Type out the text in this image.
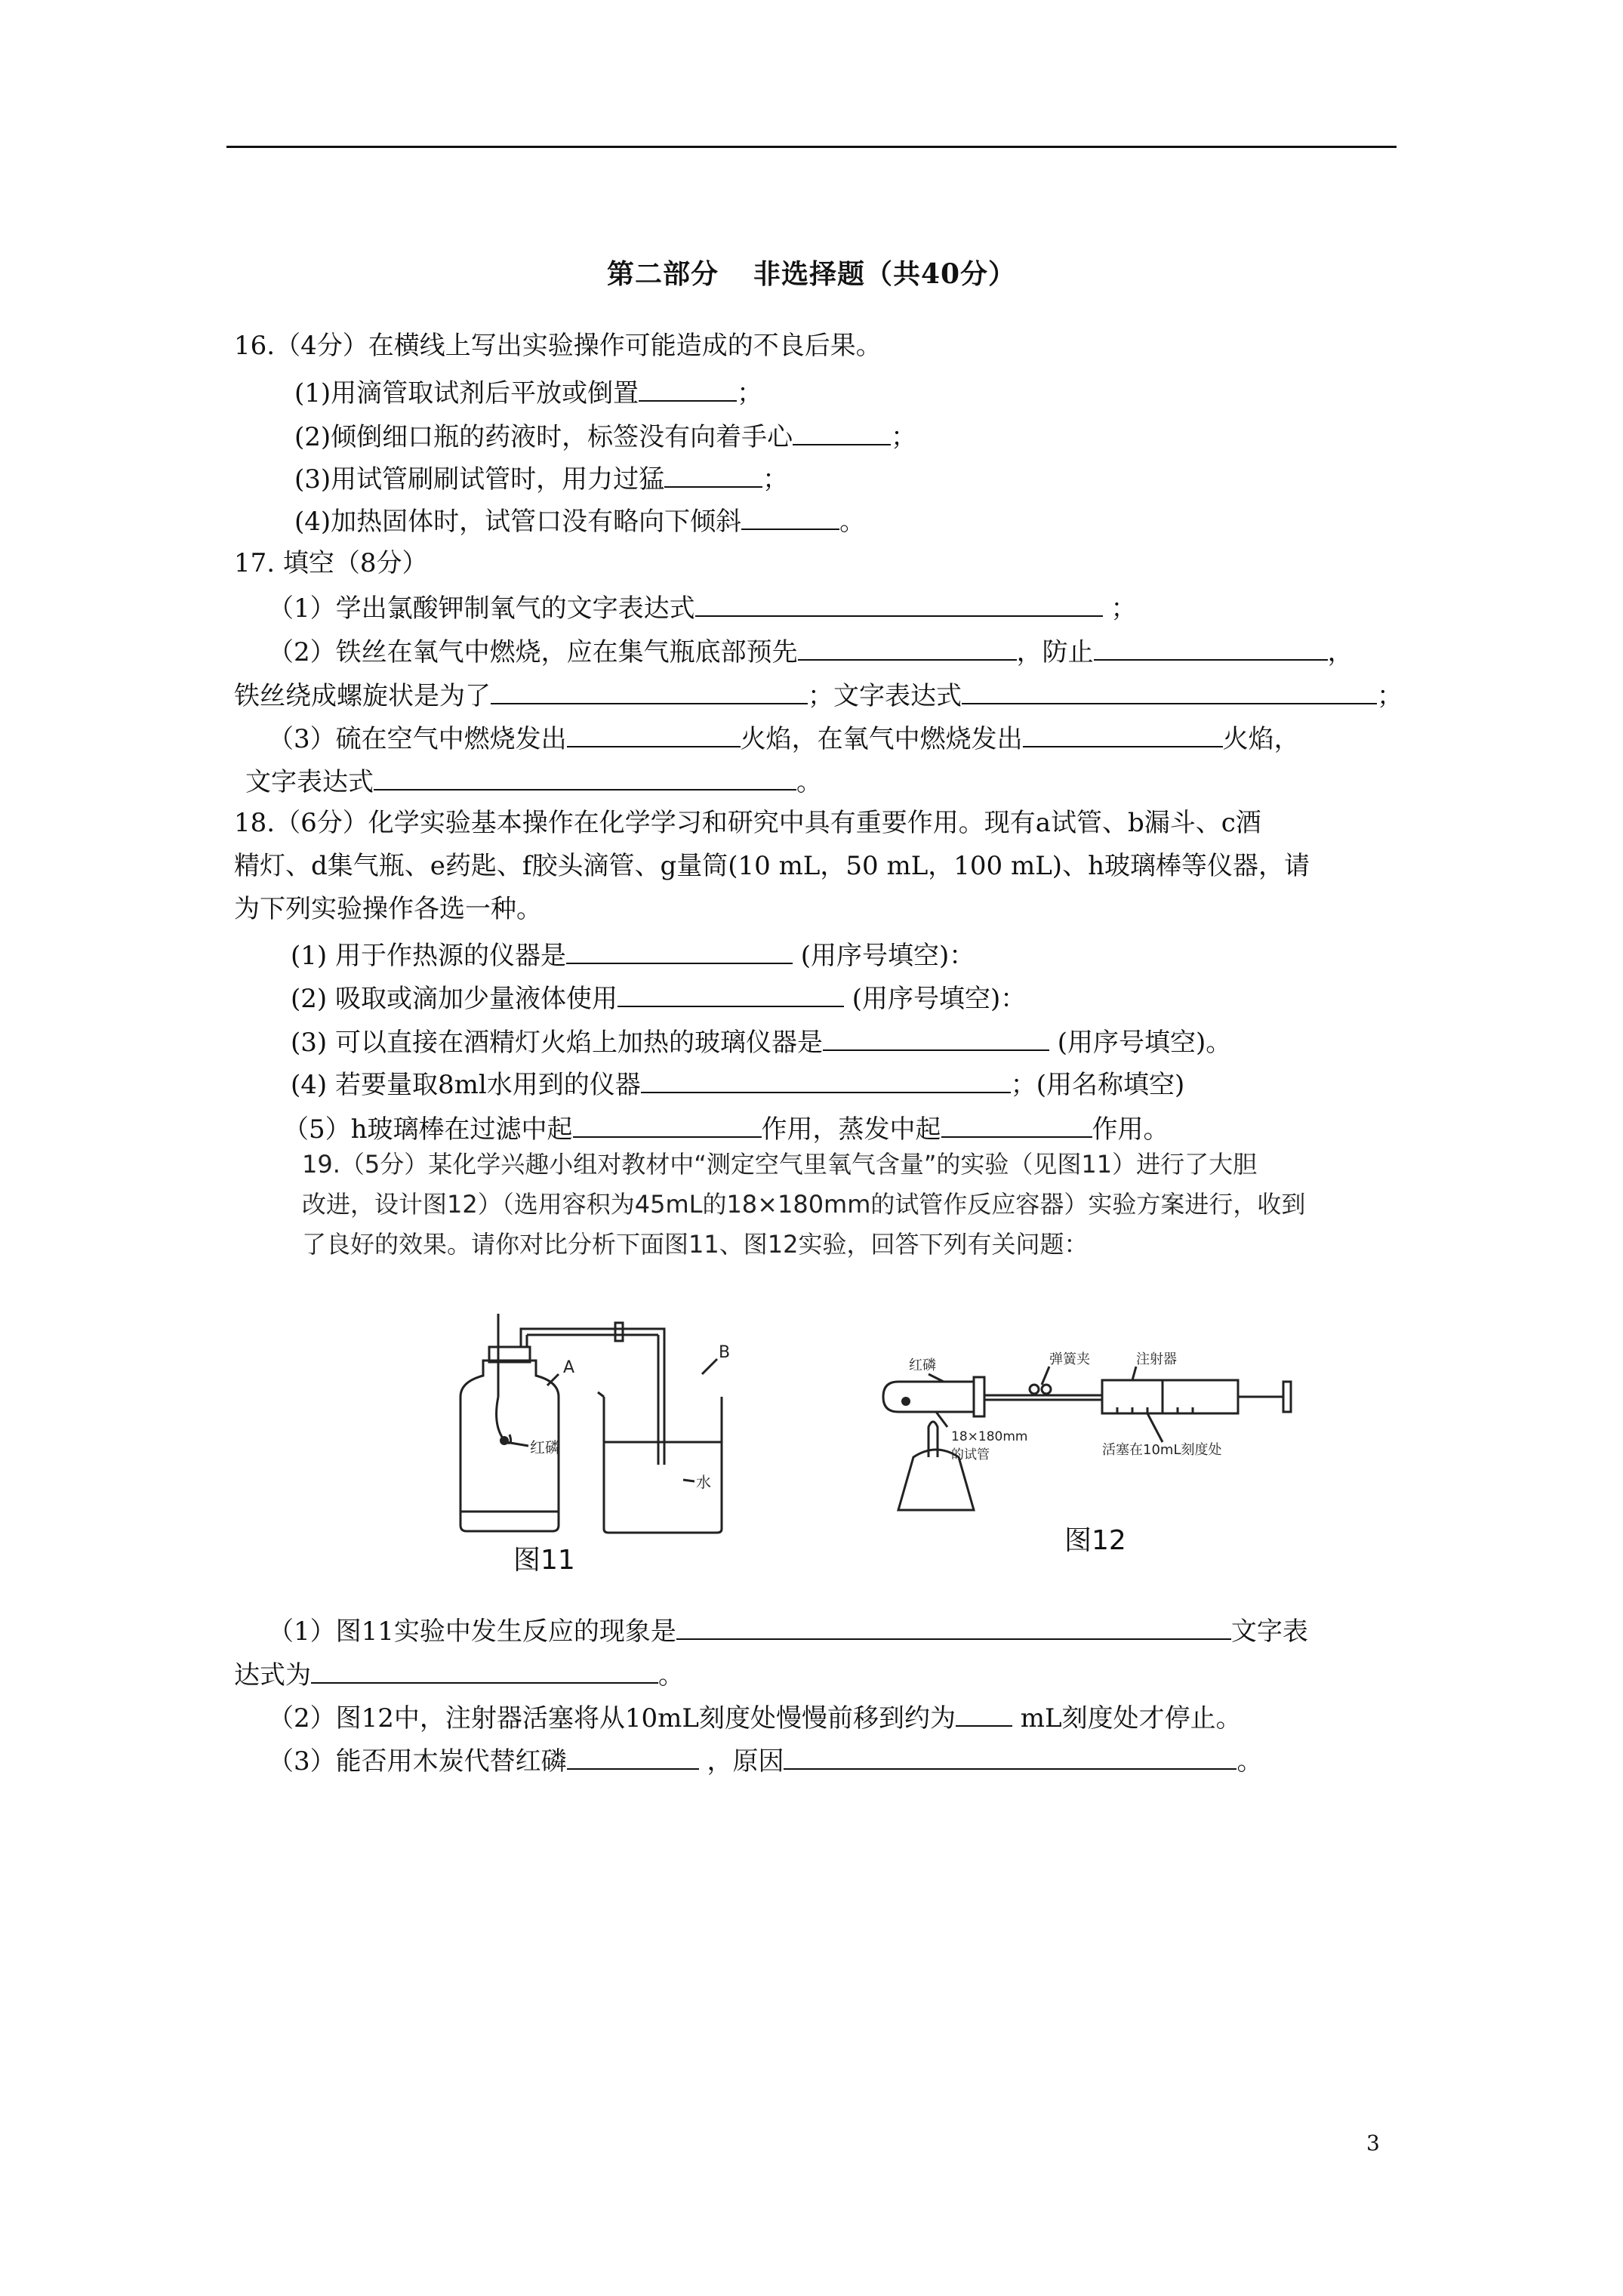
第二部分 非选择题（共40分）
16.（4分）在横线上写出实验操作可能造成的不良后果。
(1)用滴管取试剂后平放或倒置	；
(2)倾倒细口瓶的药液时，标签没有向着手心	；
(3)用试管刷刷试管时，用力过猛	；
(4)加热固体时，试管口没有略向下倾斜	。
17. 填空（8分）
（1）学出氯酸钾制氧气的文字表达式	；
（2）铁丝在氧气中燃烧，应在集气瓶底部预先	，防止	，
铁丝绕成螺旋状是为了	；文字表达式	；
（3）硫在空气中燃烧发出	火焰，在氧气中燃烧发出	火焰，
文字表达式	。
18.（6分）化学实验基本操作在化学学习和研究中具有重要作用。现有a试管、b漏斗、c酒
精灯、d集气瓶、e药匙、f胶头滴管、g量筒(10 mL，50 mL，100 mL)、h玻璃棒等仪器，请
为下列实验操作各选一种。
(1) 用于作热源的仪器是	(用序号填空)：
(2) 吸取或滴加少量液体使用	(用序号填空)：
(3) 可以直接在酒精灯火焰上加热的玻璃仪器是	(用序号填空)。
(4) 若要量取8ml水用到的仪器	；(用名称填空)
（5）h玻璃棒在过滤中起	作用，蒸发中起	作用。
19.（5分）某化学兴趣小组对教材中“测定空气里氧气含量”的实验（见图11）进行了大胆
改进，设计图12）（选用容积为45mL的18×180mm的试管作反应容器）实验方案进行，收到
了良好的效果。请你对比分析下面图11、图12实验，回答下列有关问题：
A
B
红磷
水
图11
红磷	弹簧夹	注射器
18×180mm
的试管	活塞在10mL刻度处
图12
（1）图11实验中发生反应的现象是	文字表
达式为	。
（2）图12中，注射器活塞将从10mL刻度处慢慢前移到约为	mL刻度处才停止。
（3）能否用木炭代替红磷	，原因	。
3
